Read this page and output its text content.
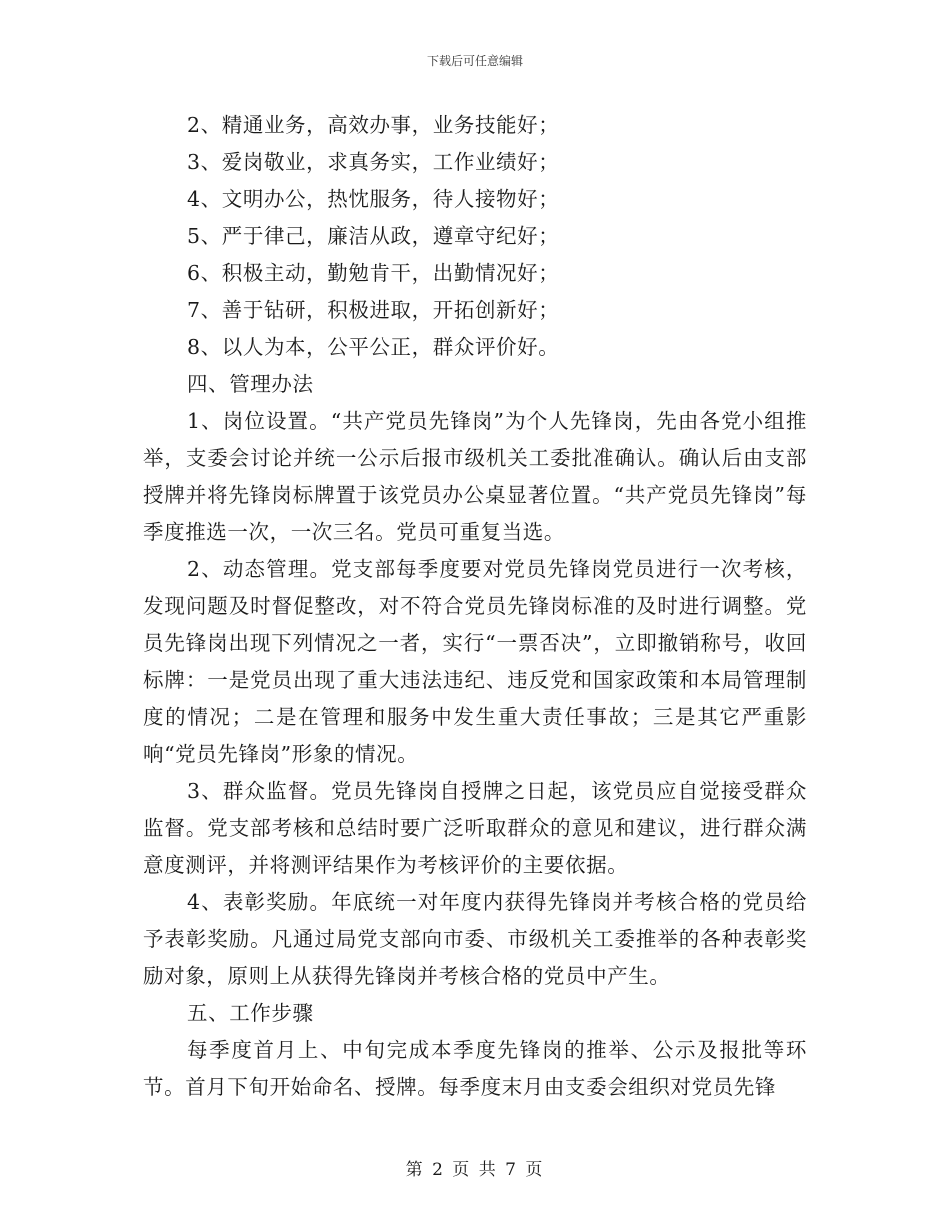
下载后可任意编辑

2、精通业务，高效办事，业务技能好；

3、爱岗敬业，求真务实，工作业绩好；

4、文明办公，热忱服务，待人接物好；

5、严于律己，廉洁从政，遵章守纪好；

6、积极主动，勤勉肯干，出勤情况好；

7、善于钻研，积极进取，开拓创新好；

8、以人为本，公平公正，群众评价好。

四、管理办法

1、岗位设置。“共产党员先锋岗”为个人先锋岗，先由各党小组推举，支委会讨论并统一公示后报市级机关工委批准确认。确认后由支部授牌并将先锋岗标牌置于该党员办公桌显著位置。“共产党员先锋岗”每季度推选一次，一次三名。党员可重复当选。

2、动态管理。党支部每季度要对党员先锋岗党员进行一次考核，发现问题及时督促整改，对不符合党员先锋岗标准的及时进行调整。党员先锋岗出现下列情况之一者，实行“一票否决”，立即撤销称号，收回标牌：一是党员出现了重大违法违纪、违反党和国家政策和本局管理制度的情况；二是在管理和服务中发生重大责任事故；三是其它严重影响“党员先锋岗”形象的情况。

3、群众监督。党员先锋岗自授牌之日起，该党员应自觉接受群众监督。党支部考核和总结时要广泛听取群众的意见和建议，进行群众满意度测评，并将测评结果作为考核评价的主要依据。

4、表彰奖励。年底统一对年度内获得先锋岗并考核合格的党员给予表彰奖励。凡通过局党支部向市委、市级机关工委推举的各种表彰奖励对象，原则上从获得先锋岗并考核合格的党员中产生。

五、工作步骤

每季度首月上、中旬完成本季度先锋岗的推举、公示及报批等环节。首月下旬开始命名、授牌。每季度末月由支委会组织对党员先锋

第 2 页 共 7 页
